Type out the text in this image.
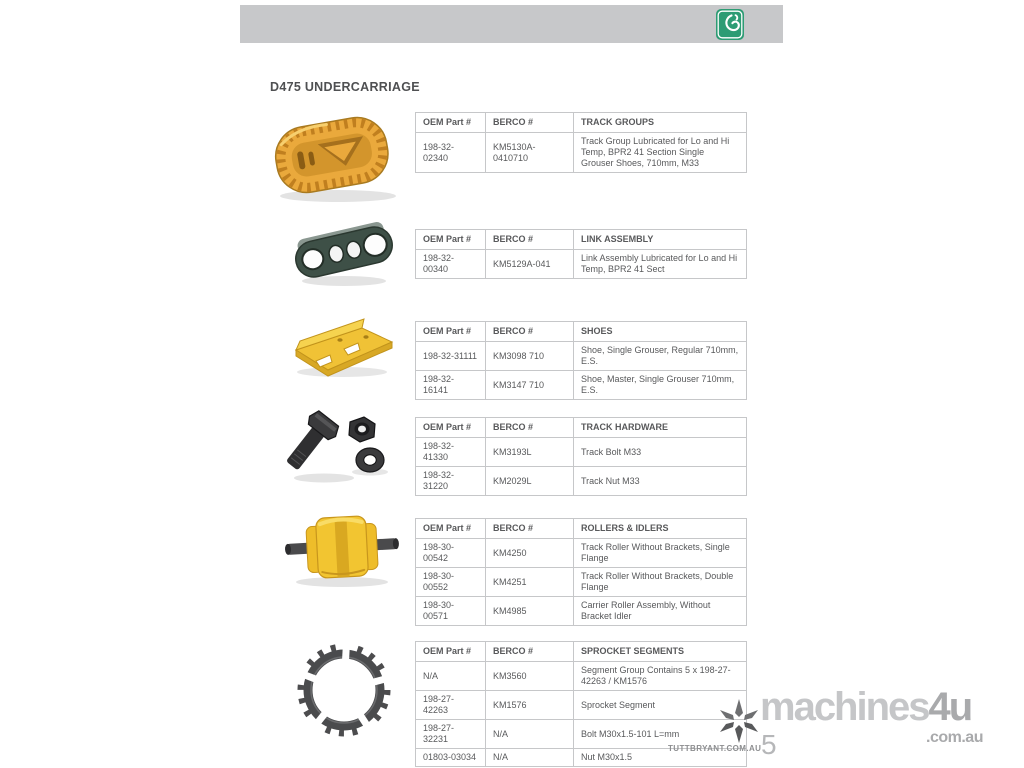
D475 UNDERCARRIAGE
OEM Part #	BERCO #	TRACK GROUPS
198-32-02340	KM5130A-0410710	Track Group Lubricated for Lo and Hi Temp, BPR2 41 Section Single Grouser Shoes, 710mm, M33
OEM Part #	BERCO #	LINK ASSEMBLY
198-32-00340	KM5129A-041	Link Assembly Lubricated for Lo and Hi Temp, BPR2 41 Sect
OEM Part #	BERCO #	SHOES
198-32-31111	KM3098 710	Shoe, Single Grouser, Regular 710mm, E.S.
198-32-16141	KM3147 710	Shoe, Master, Single Grouser 710mm, E.S.
OEM Part #	BERCO #	TRACK HARDWARE
198-32-41330	KM3193L	Track Bolt M33
198-32-31220	KM2029L	Track Nut M33
OEM Part #	BERCO #	ROLLERS & IDLERS
198-30-00542	KM4250	Track Roller Without Brackets, Single Flange
198-30-00552	KM4251	Track Roller Without Brackets, Double Flange
198-30-00571	KM4985	Carrier Roller Assembly, Without Bracket Idler
OEM Part #	BERCO #	SPROCKET SEGMENTS
N/A	KM3560	Segment Group Contains 5 x 198-27-42263 / KM1576
198-27-42263	KM1576	Sprocket Segment
198-27-32231	N/A	Bolt M30x1.5-101 L=mm
01803-03034	N/A	Nut M30x1.5
machines4u
.com.au
TUTTBRYANT.COM.AU 5
